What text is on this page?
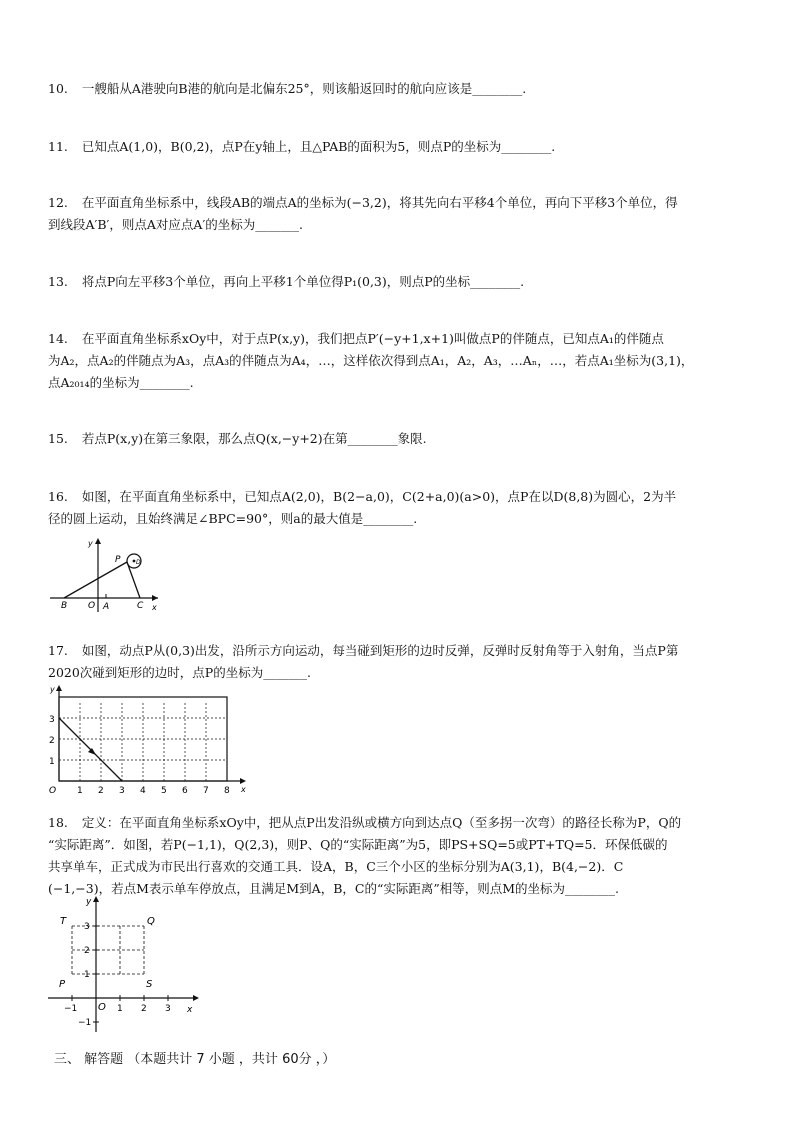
10. 一艘船从A港驶向B港的航向是北偏东25°，则该船返回时的航向应该是________.
11. 已知点A(1,0)，B(0,2)，点P在y轴上，且△PAB的面积为5，则点P的坐标为________.
12. 在平面直角坐标系中，线段AB的端点A的坐标为(−3,2)，将其先向右平移4个单位，再向下平移3个单位，得
到线段A′B′，则点A对应点A′的坐标为_______.
13. 将点P向左平移3个单位，再向上平移1个单位得P₁(0,3)，则点P的坐标________.
14. 在平面直角坐标系xOy中，对于点P(x,y)，我们把点P′(−y+1,x+1)叫做点P的伴随点，已知点A₁的伴随点
为A₂，点A₂的伴随点为A₃，点A₃的伴随点为A₄，…，这样依次得到点A₁，A₂，A₃，…Aₙ，…，若点A₁坐标为(3,1)，
点A₂₀₁₄的坐标为________.
15. 若点P(x,y)在第三象限，那么点Q(x,−y+2)在第________象限.
16. 如图，在平面直角坐标系中，已知点A(2,0)，B(2−a,0)，C(2+a,0)(a>0)，点P在以D(8,8)为圆心，2为半
径的圆上运动，且始终满足∠BPC=90°，则a的最大值是________.
y
P	D
B O A	C x
17. 如图，动点P从(0,3)出发，沿所示方向运动，每当碰到矩形的边时反弹，反弹时反射角等于入射角，当点P第
2020次碰到矩形的边时，点P的坐标为_______.
y
O	x
1 2 3 4 5 6 7 8
1
2
3
18. 定义：在平面直角坐标系xOy中，把从点P出发沿纵或横方向到达点Q（至多拐一次弯）的路径长称为P，Q的
“实际距离”．如图，若P(−1,1)，Q(2,3)，则P、Q的“实际距离”为5，即PS+SQ=5或PT+TQ=5．环保低碳的
共享单车，正式成为市民出行喜欢的交通工具．设A，B，C三个小区的坐标分别为A(3,1)，B(4,−2)．C
(−1,−3)，若点M表示单车停放点，且满足M到A，B，C的“实际距离”相等，则点M的坐标为________.
y
O	x
T	Q
P	S
−1	1 2 3
3
2
1
−1
三、 解答题 （本题共计 7 小题 ，共计 60分 ，）
